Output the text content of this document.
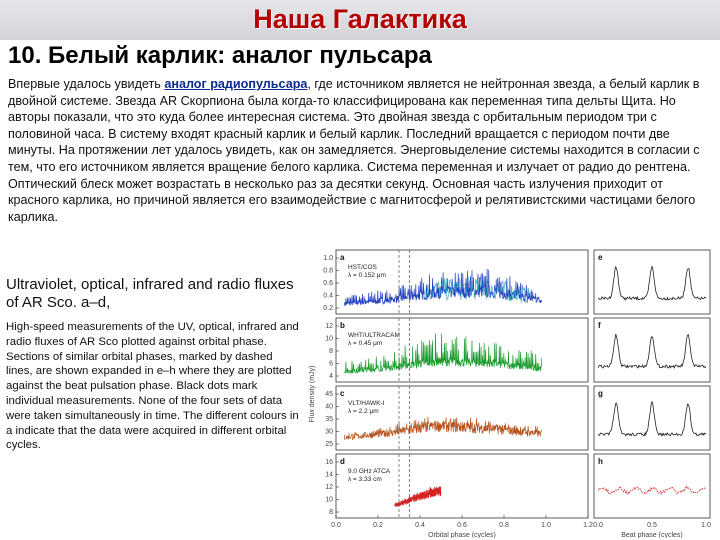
Наша Галактика
10. Белый карлик: аналог пульсара

Впервые удалось увидеть аналог радиопульсара, где источником является не нейтронная звезда, а белый карлик в двойной системе. Звезда AR Скорпиона была когда-то классифицирована как переменная типа дельты Щита. Но авторы показали, что это куда более интересная система. Это двойная звезда с орбитальным периодом три с половиной часа. В систему входят красный карлик и белый карлик. Последний вращается с периодом почти две минуты. На протяжении лет удалось увидеть, как он замедляется. Энерговыделение системы находится в согласии с тем, что его источником является вращение белого карлика. Система переменная и излучает от радио до рентгена.

Оптический блеск может возрастать в несколько раз за десятки секунд. Основная часть излучения приходит от красного карлика, но причиной является его взаимодействие с магнитосферой и релятивистскими частицами белого карлика.

Ultraviolet, optical, infrared and radio fluxes of AR Sco. a–d,
High-speed measurements of the UV, optical, infrared and radio fluxes of AR Sco plotted against orbital phase. Sections of similar orbital phases, marked by dashed lines, are shown expanded in e–h where they are plotted against the beat pulsation phase. Black dots mark individual measurements. None of the four sets of data were taken simultaneously in time. The different colours in a indicate that the data were acquired in different orbital cycles.
Flux density (mJy)
1.0
0.8
0.6
0.4
0.2
a	e
HST/COS
λ = 0.152 μm
12
10
8
6
4
b	f
WHT/ULTRACAM
λ = 0.45 μm
45
40
35
30
25
c	g
VLT/HAWK-I
λ = 2.2 μm
16
14
12
10
8
d	h
9.0 GHz ATCA
λ = 3.33 cm
0.0	0.2	0.4	0.6	0.8	1.0	1.2 0.0	0.5	1.0
Orbital phase (cycles)	Beat phase (cycles)
